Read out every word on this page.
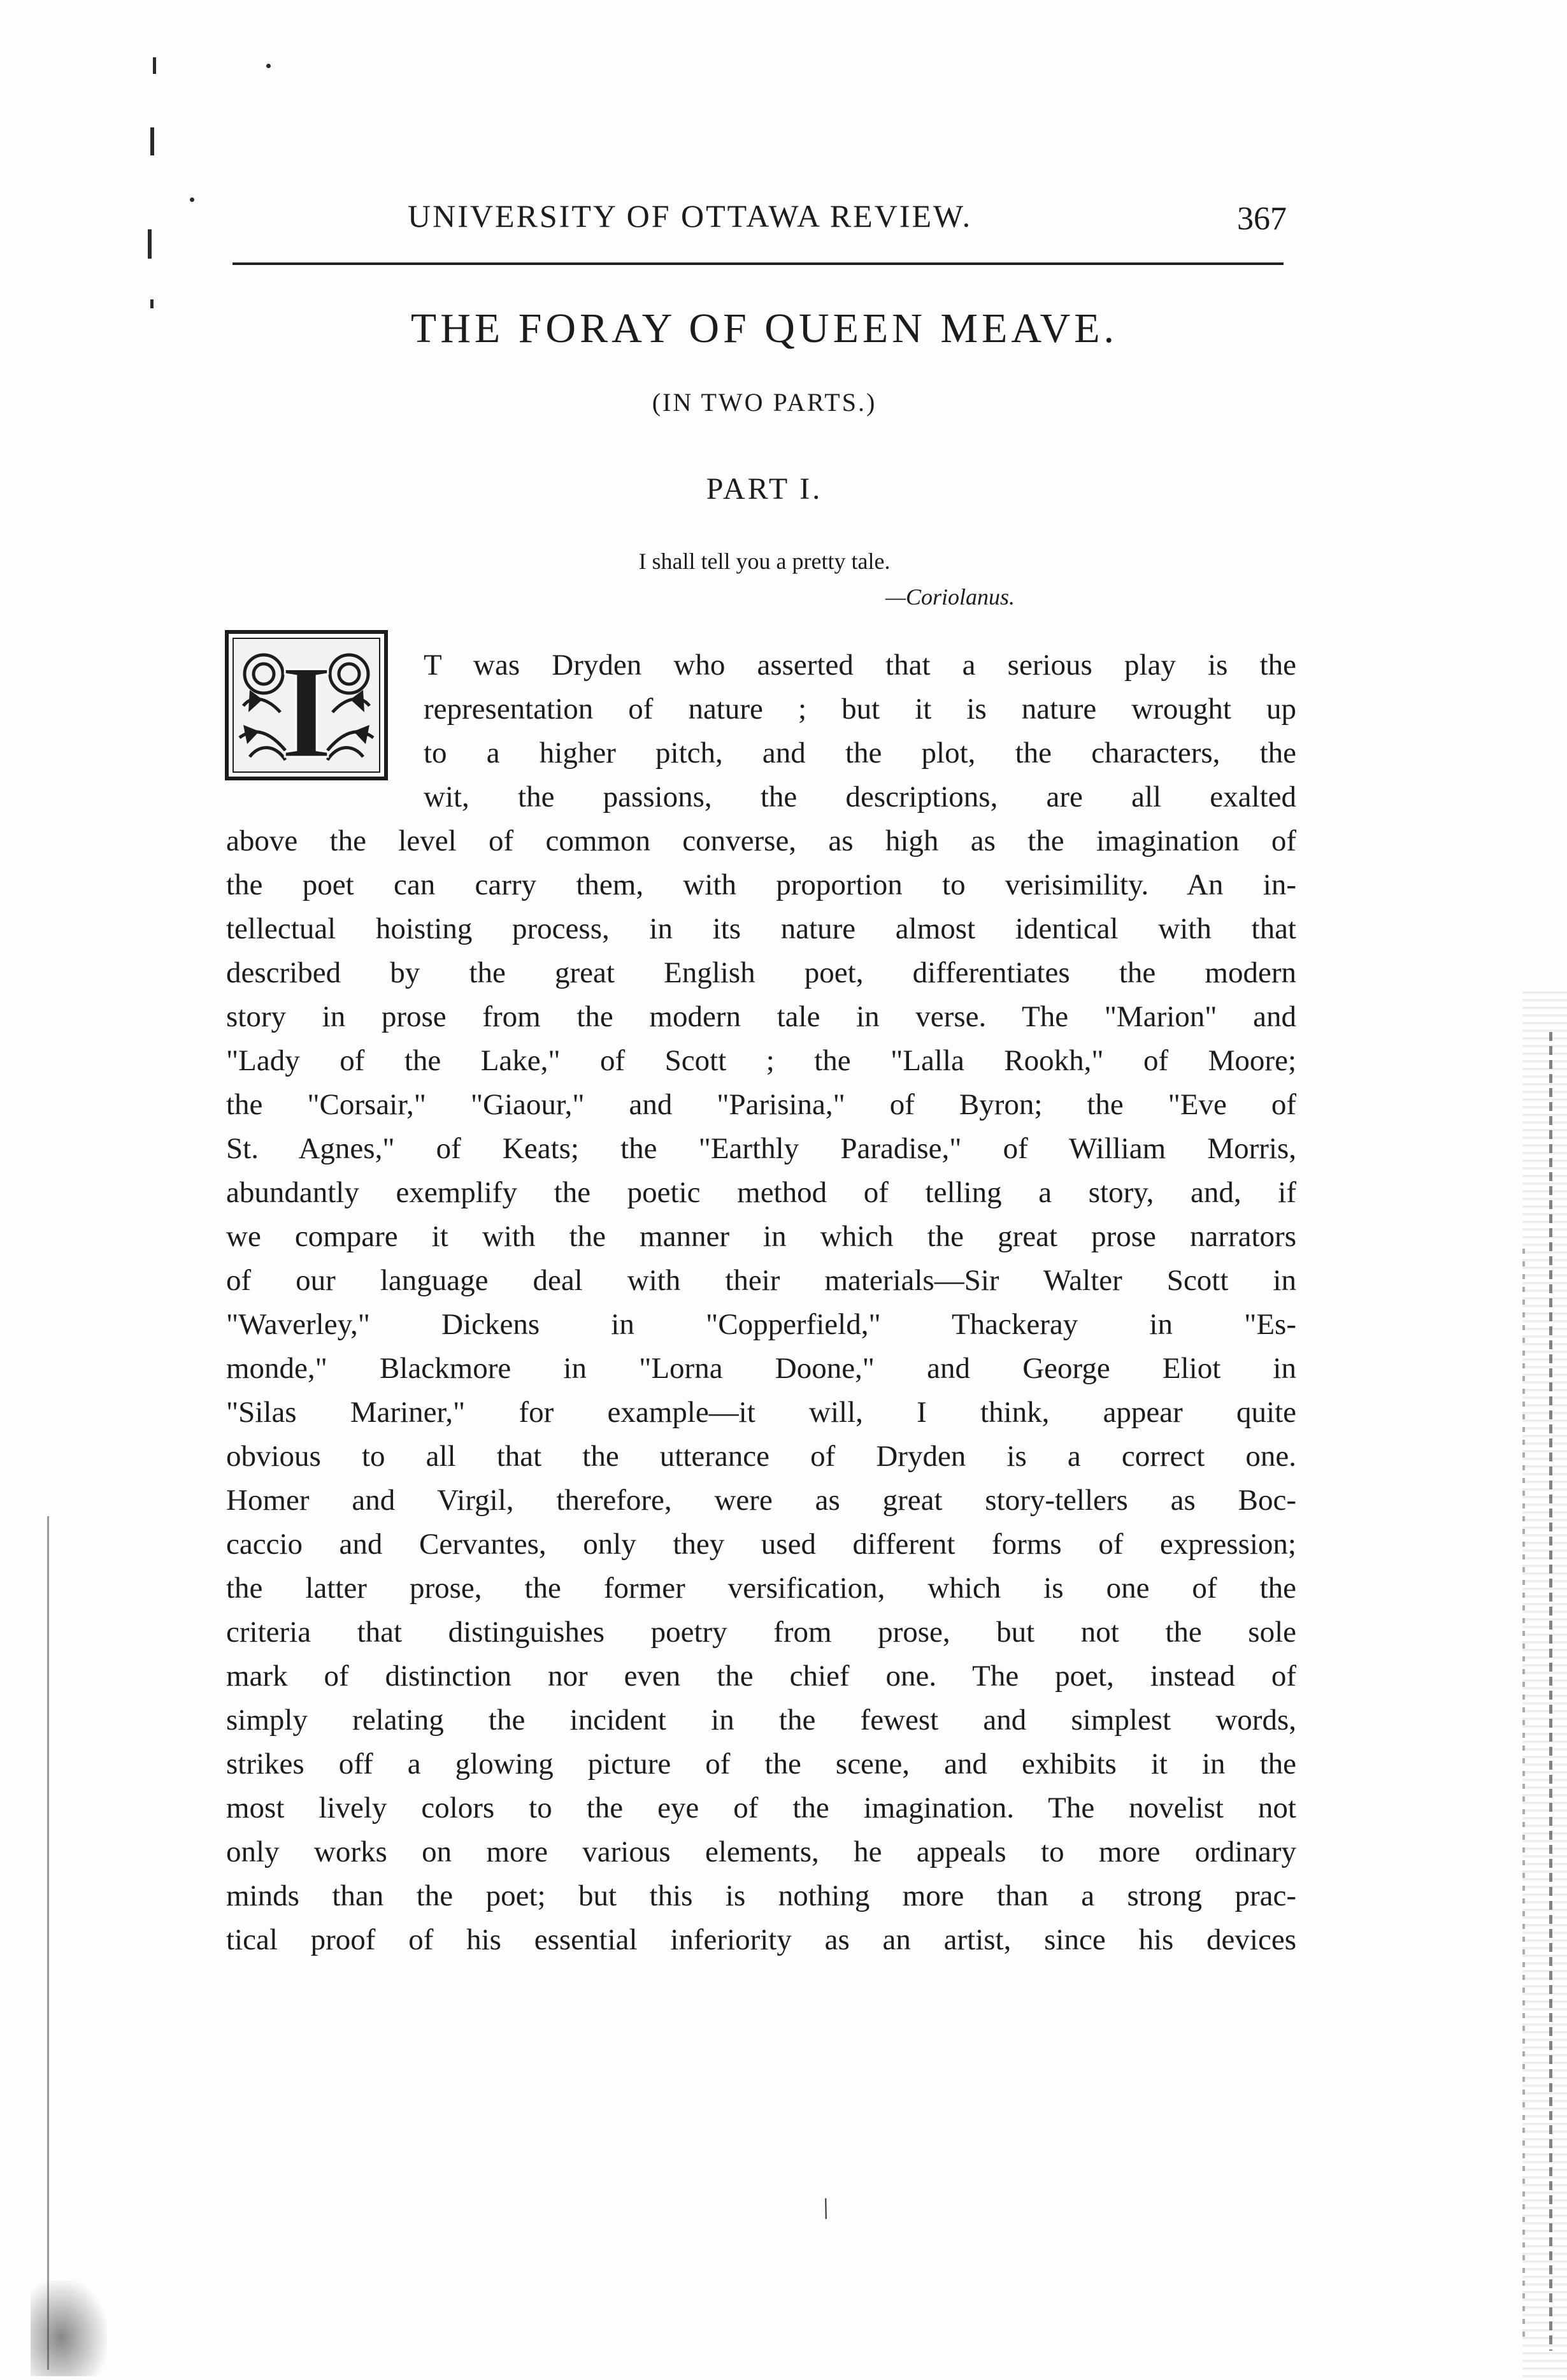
UNIVERSITY OF OTTAWA REVIEW.	367
THE FORAY OF QUEEN MEAVE.
(IN TWO PARTS.)
PART I.
I shall tell you a pretty tale.
—Coriolanus.
I	T was Dryden who asserted that a serious play is the
representation of nature ; but it is nature wrought up
to a higher pitch, and the plot, the characters, the
wit, the passions, the descriptions, are all exalted
above the level of common converse, as high as the imagination of
the poet can carry them, with proportion to verisimility. An in-
tellectual hoisting process, in its nature almost identical with that
described by the great English poet, differentiates the modern
story in prose from the modern tale in verse. The "Marion" and
"Lady of the Lake," of Scott ; the "Lalla Rookh," of Moore;
the "Corsair," "Giaour," and "Parisina," of Byron; the "Eve of
St. Agnes," of Keats; the "Earthly Paradise," of William Morris,
abundantly exemplify the poetic method of telling a story, and, if
we compare it with the manner in which the great prose narrators
of our language deal with their materials—Sir Walter Scott in
"Waverley," Dickens in "Copperfield," Thackeray in "Es-
monde," Blackmore in "Lorna Doone," and George Eliot in
"Silas Mariner," for example—it will, I think, appear quite
obvious to all that the utterance of Dryden is a correct one.
Homer and Virgil, therefore, were as great story-tellers as Boc-
caccio and Cervantes, only they used different forms of expression;
the latter prose, the former versification, which is one of the
criteria that distinguishes poetry from prose, but not the sole
mark of distinction nor even the chief one. The poet, instead of
simply relating the incident in the fewest and simplest words,
strikes off a glowing picture of the scene, and exhibits it in the
most lively colors to the eye of the imagination. The novelist not
only works on more various elements, he appeals to more ordinary
minds than the poet; but this is nothing more than a strong prac-
tical proof of his essential inferiority as an artist, since his devices
/
